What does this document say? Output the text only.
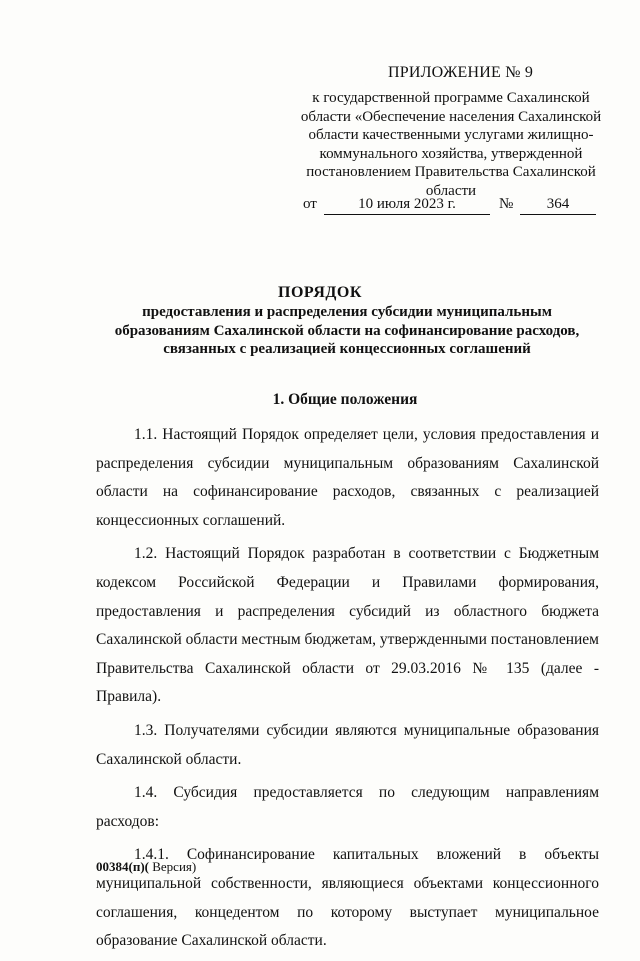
ПРИЛОЖЕНИЕ № 9
к государственной программе Сахалинской области «Обеспечение населения Сахалинской области качественными услугами жилищно-коммунального хозяйства, утвержденной постановлением Правительства Сахалинской области
от	10 июля 2023 г.	№	364
ПОРЯДОК
предоставления и распределения субсидии муниципальным образованиям Сахалинской области на софинансирование расходов, связанных с реализацией концессионных соглашений
1. Общие положения

1.1. Настоящий Порядок определяет цели, условия предоставления и распределения субсидии муниципальным образованиям Сахалинской области на софинансирование расходов, связанных с реализацией концессионных соглашений.

1.2. Настоящий Порядок разработан в соответствии с Бюджетным кодексом Российской Федерации и Правилами формирования, предоставления и распределения субсидий из областного бюджета Сахалинской области местным бюджетам, утвержденными постановлением Правительства Сахалинской области от 29.03.2016 № 135 (далее - Правила).

1.3. Получателями субсидии являются муниципальные образования Сахалинской области.

1.4. Субсидия предоставляется по следующим направлениям расходов:

1.4.1. Софинансирование капитальных вложений в объекты муниципальной собственности, являющиеся объектами концессионного соглашения, концедентом по которому выступает муниципальное образование Сахалинской области.

00384(п)( Версия)
